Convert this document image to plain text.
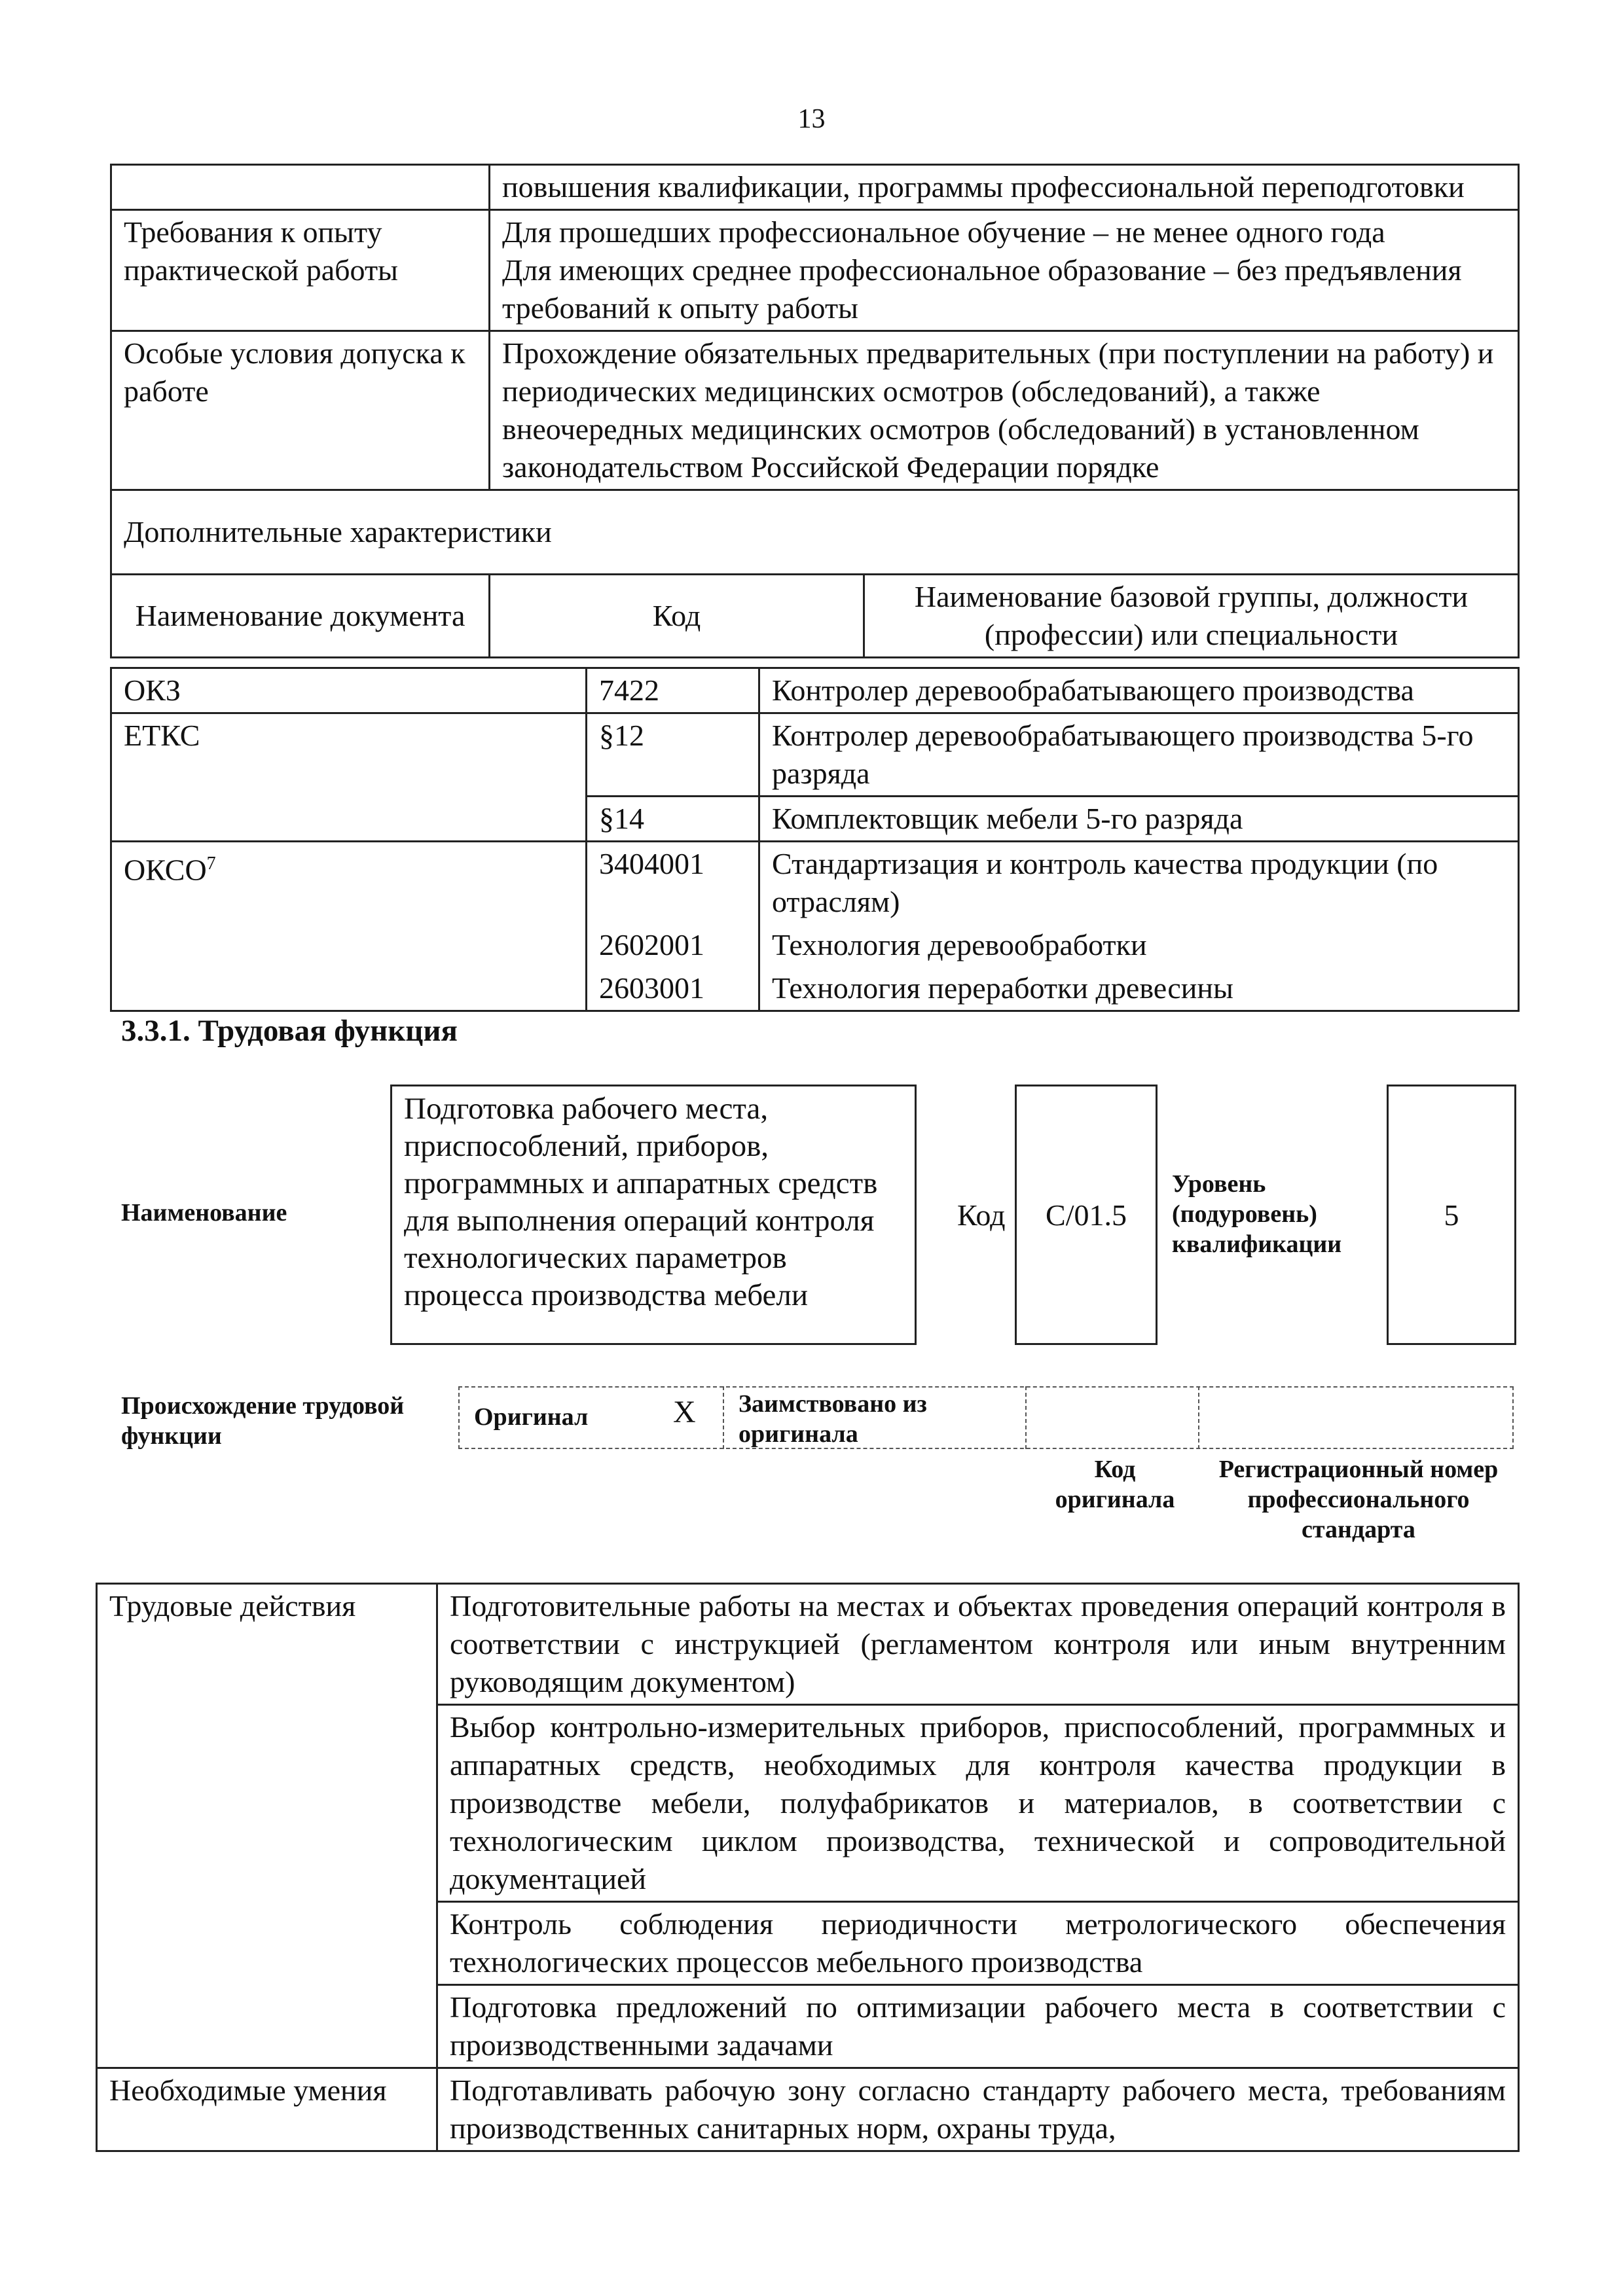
13
	повышения квалификации, программы профессиональной переподготовки	
Требования к опыту практической работы	Для прошедших профессиональное обучение – не менее одного года
Для имеющих среднее профессиональное образование – без предъявления требований к опыту работы	

Особые условия допуска к работе	Прохождение обязательных предварительных (при поступлении на работу) и периодических медицинских осмотров (обследований), а также внеочередных медицинских осмотров (обследований) в установленном законодательством Российской Федерации порядке	
Дополнительные характеристики		
Наименование документа	Код	Наименование базовой группы, должности (профессии) или специальности
ОКЗ	7422	Контролер деревообрабатывающего производства
ЕТКС	§12	Контролер деревообрабатывающего производства 5-го разряда
	§14	Комплектовщик мебели 5-го разряда
ОКСО$^7$	3404001	Стандартизация и контроль качества продукции (по отраслям)
	2602001	Технология деревообработки
	2603001	Технология переработки древесины
3.3.1. Трудовая функция
Наименование
Подготовка рабочего места, приспособлений, приборов, программных и аппаратных средств для выполнения операций контроля технологических параметров процесса производства мебели
Код	C/01.5
Уровень (подуровень) квалификации
5
Происхождение трудовой функции
Оригинал	X Заимствовано из оригинала
Код оригинала
Регистрационный номер профессионального стандарта
Трудовые действия	Подготовительные работы на местах и объектах проведения операций контроля в соответствии с инструкцией (регламентом контроля или иным внутренним руководящим документом)
	Выбор контрольно-измерительных приборов, приспособлений, программных и аппаратных средств, необходимых для контроля качества продукции в производстве мебели, полуфабрикатов и материалов, в соответствии с технологическим циклом производства, технической и сопроводительной документацией
	Контроль соблюдения периодичности метрологического обеспечения технологических процессов мебельного производства
	Подготовка предложений по оптимизации рабочего места в соответствии с производственными задачами
Необходимые умения	Подготавливать рабочую зону согласно стандарту рабочего места, требованиям производственных санитарных норм, охраны труда,
